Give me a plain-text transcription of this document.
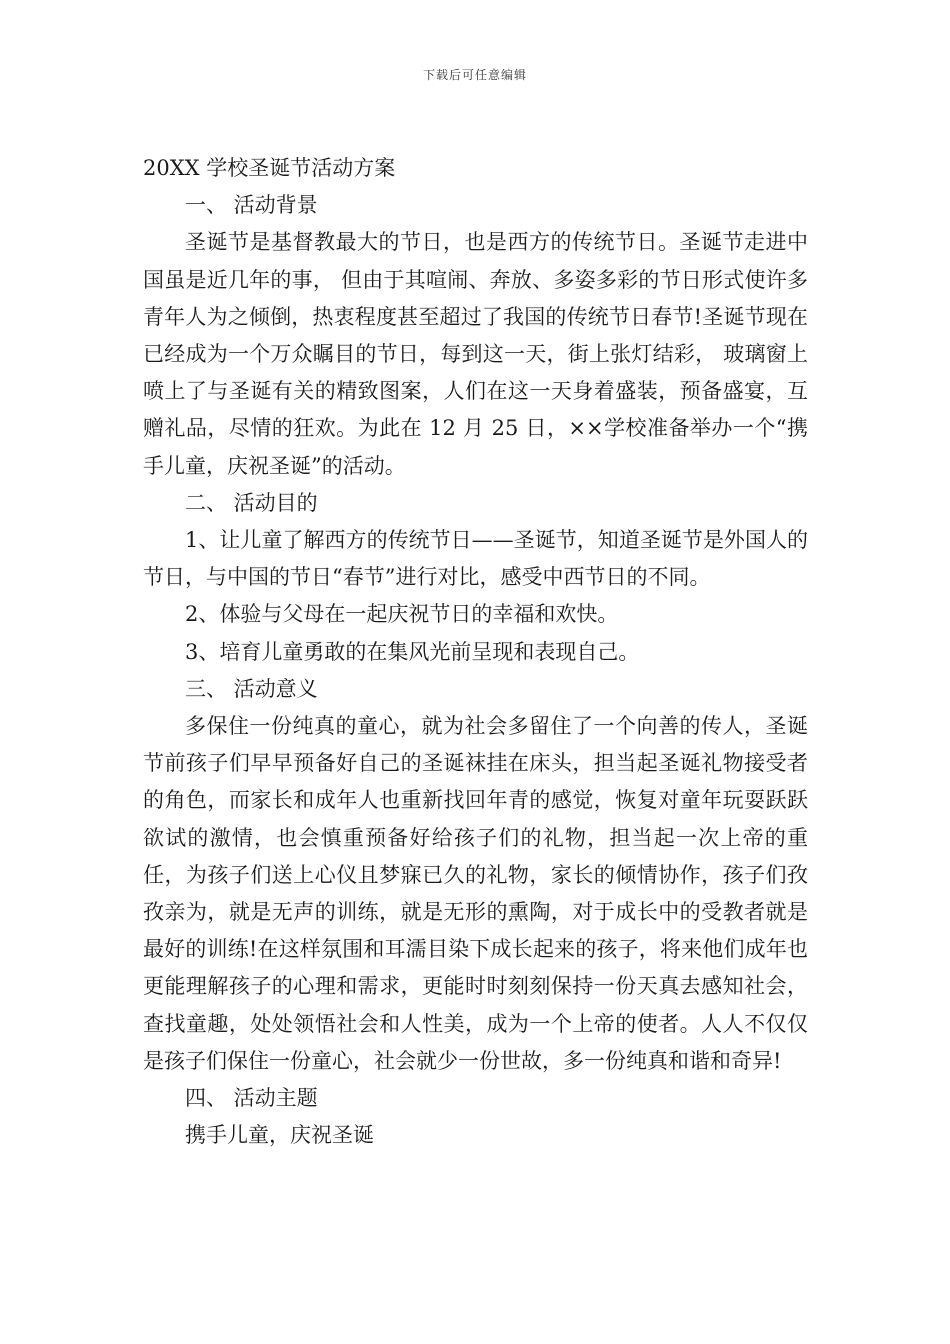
下载后可任意编辑

20XX 学校圣诞节活动方案

一、 活动背景

圣诞节是基督教最大的节日，也是西方的传统节日。圣诞节走进中国虽是近几年的事， 但由于其喧闹、奔放、多姿多彩的节日形式使许多青年人为之倾倒，热衷程度甚至超过了我国的传统节日春节!圣诞节现在已经成为一个万众瞩目的节日，每到这一天，街上张灯结彩， 玻璃窗上喷上了与圣诞有关的精致图案，人们在这一天身着盛装，预备盛宴，互赠礼品，尽情的狂欢。为此在 12 月 25 日，××学校准备举办一个“携手儿童，庆祝圣诞”的活动。

二、 活动目的

1、让儿童了解西方的传统节日——圣诞节，知道圣诞节是外国人的节日，与中国的节日“春节”进行对比，感受中西节日的不同。

2、体验与父母在一起庆祝节日的幸福和欢快。

3、培育儿童勇敢的在集风光前呈现和表现自己。

三、 活动意义

多保住一份纯真的童心，就为社会多留住了一个向善的传人，圣诞节前孩子们早早预备好自己的圣诞袜挂在床头，担当起圣诞礼物接受者的角色，而家长和成年人也重新找回年青的感觉，恢复对童年玩耍跃跃欲试的激情，也会慎重预备好给孩子们的礼物，担当起一次上帝的重任，为孩子们送上心仪且梦寐已久的礼物，家长的倾情协作，孩子们孜孜亲为，就是无声的训练，就是无形的熏陶，对于成长中的受教者就是最好的训练!在这样氛围和耳濡目染下成长起来的孩子，将来他们成年也更能理解孩子的心理和需求，更能时时刻刻保持一份天真去感知社会，查找童趣，处处领悟社会和人性美，成为一个上帝的使者。人人不仅仅是孩子们保住一份童心，社会就少一份世故，多一份纯真和谐和奇异!

四、 活动主题

携手儿童，庆祝圣诞
